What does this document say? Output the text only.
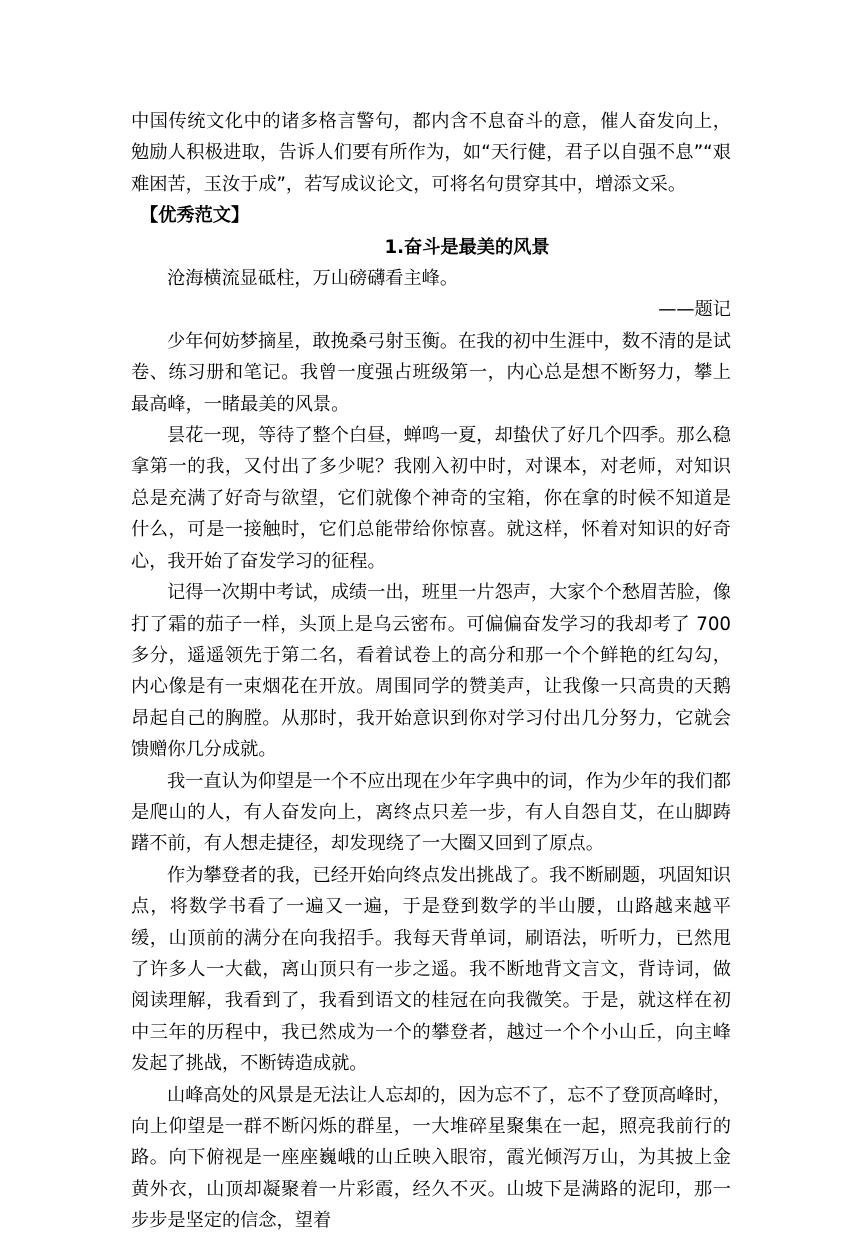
中国传统文化中的诸多格言警句，都内含不息奋斗的意，催人奋发向上，勉励人积极进取，告诉人们要有所作为，如“天行健，君子以自强不息”“艰难困苦，玉汝于成”，若写成议论文，可将名句贯穿其中，增添文采。

【优秀范文】

1.奋斗是最美的风景

沧海横流显砥柱，万山磅礴看主峰。

——题记

少年何妨梦摘星，敢挽桑弓射玉衡。在我的初中生涯中，数不清的是试卷、练习册和笔记。我曾一度强占班级第一，内心总是想不断努力，攀上最高峰，一睹最美的风景。

昙花一现，等待了整个白昼，蝉鸣一夏，却蛰伏了好几个四季。那么稳拿第一的我，又付出了多少呢？我刚入初中时，对课本，对老师，对知识总是充满了好奇与欲望，它们就像个神奇的宝箱，你在拿的时候不知道是什么，可是一接触时，它们总能带给你惊喜。就这样，怀着对知识的好奇心，我开始了奋发学习的征程。

记得一次期中考试，成绩一出，班里一片怨声，大家个个愁眉苦脸，像打了霜的茄子一样，头顶上是乌云密布。可偏偏奋发学习的我却考了 700 多分，遥遥领先于第二名，看着试卷上的高分和那一个个鲜艳的红勾勾，内心像是有一束烟花在开放。周围同学的赞美声，让我像一只高贵的天鹅昂起自己的胸膛。从那时，我开始意识到你对学习付出几分努力，它就会馈赠你几分成就。

我一直认为仰望是一个不应出现在少年字典中的词，作为少年的我们都是爬山的人，有人奋发向上，离终点只差一步，有人自怨自艾，在山脚踌躇不前，有人想走捷径，却发现绕了一大圈又回到了原点。

作为攀登者的我，已经开始向终点发出挑战了。我不断刷题，巩固知识点，将数学书看了一遍又一遍，于是登到数学的半山腰，山路越来越平缓，山顶前的满分在向我招手。我每天背单词，刷语法，听听力，已然甩了许多人一大截，离山顶只有一步之遥。我不断地背文言文，背诗词，做阅读理解，我看到了，我看到语文的桂冠在向我微笑。于是，就这样在初中三年的历程中，我已然成为一个的攀登者，越过一个个小山丘，向主峰发起了挑战，不断铸造成就。

山峰高处的风景是无法让人忘却的，因为忘不了，忘不了登顶高峰时，向上仰望是一群不断闪烁的群星，一大堆碎星聚集在一起，照亮我前行的路。向下俯视是一座座巍峨的山丘映入眼帘，霞光倾泻万山，为其披上金黄外衣，山顶却凝聚着一片彩霞，经久不灭。山坡下是满路的泥印，那一步步是坚定的信念，望着
